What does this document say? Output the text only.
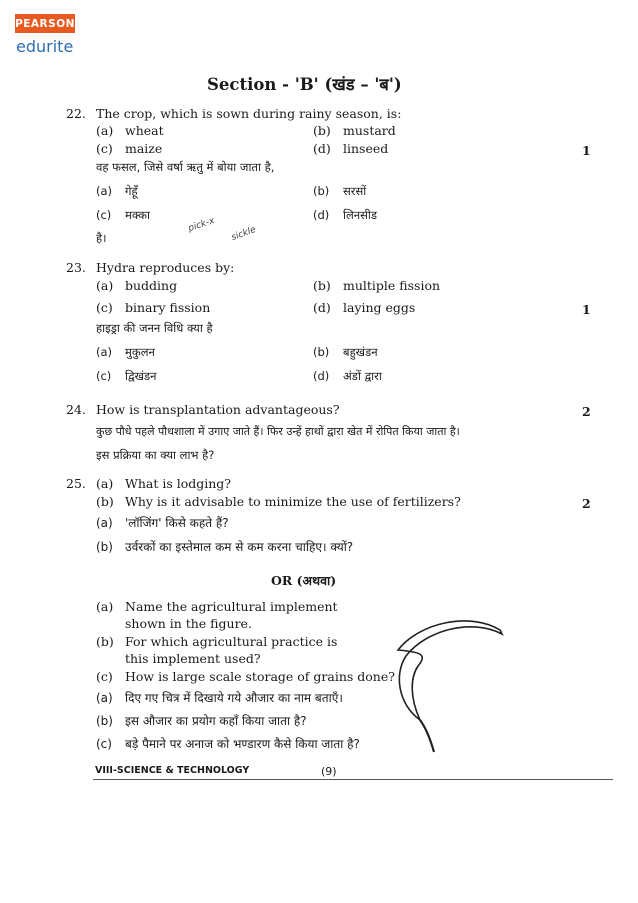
PEARSON
edurite
Section - 'B' (खंड – 'ब')
22. The crop, which is sown during rainy season, is:
(a) wheat	(b) mustard
(c) maize	(d) linseed	1
वह फसल, जिसे वर्षा ऋतु में बोया जाता है,
(a) गेहूँ	(b) सरसों
(c) मक्का	(d) लिनसीड
है।
pick-x sickle
23. Hydra reproduces by:
(a) budding	(b) multiple fission
(c) binary fission	(d) laying eggs	1
हाइड्रा की जनन विधि क्या है
(a) मुकुलन	(b) बहुखंडन
(c) द्विखंडन	(d) अंडों द्वारा
24. How is transplantation advantageous?	2
कुछ पौधे पहले पौधशाला में उगाए जाते हैं। फिर उन्हें हाथों द्वारा खेत में रोपित किया जाता है।
इस प्रक्रिया का क्या लाभ है?
25. (a) What is lodging?
(b) Why is it advisable to minimize the use of fertilizers?	2
(a) 'लॉजिंग' किसे कहते हैं?
(b) उर्वरकों का इस्तेमाल कम से कम करना चाहिए। क्यों?
OR (अथवा)
(a) Name the agricultural implement
shown in the figure.
(b) For which agricultural practice is
this implement used?
(c) How is large scale storage of grains done?
(a) दिए गए चित्र में दिखाये गये औजार का नाम बताएँ।
(b) इस औजार का प्रयोग कहाँ किया जाता है?
(c) बड़े पैमाने पर अनाज को भण्डारण कैसे किया जाता है?
VIII-SCIENCE & TECHNOLOGY	(9)
